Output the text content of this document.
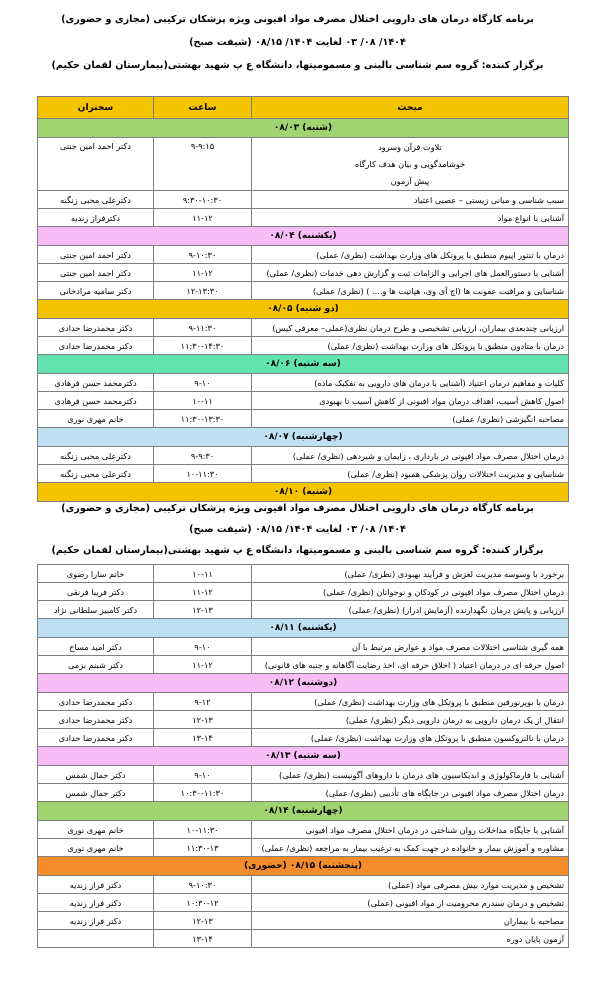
برنامه کارگاه درمان های دارویی اختلال مصرف مواد افیونی ویژه پزشکان ترکیبی (مجازی و حضوری)
۱۴۰۴/ ۰۸/ ۰۳ لغایت ۱۴۰۴/ ۰۸/۱۵ (شیفت صبح)
برگزار کننده: گروه سم شناسی بالینی و مسمومیتها، دانشگاه ع پ شهید بهشتی(بیمارستان لقمان حکیم)
مبحث	ساعت	سخنران
(شنبه) ۰۸/۰۳		

تلاوت قرآن وسرود
خوشامدگویی و بیان هدف کارگاه
پیش آزمون	۹-۹:۱۵	دکتر احمد امین جنتی
سبب شناسی و مبانی زیستی – عصبی اعتیاد	۹:۳۰-۱۰:۳۰	دکترعلی محبی زنگنه
آشنایی با انواع مواد	۱۱-۱۲	دکترفراز زندیه
(یکشنبه) ۰۸/۰۴		
درمان با تنتور اپیوم منطبق با پروتکل های وزارت بهداشت (نظری/ عملی)	۹-۱۰:۳۰	دکتر احمد امین جنتی
آشنایی با دستورالعمل های اجرایی و الزامات ثبت و گزارش دهی خدمات (نظری/ عملی)	۱۱-۱۲	دکتر احمد امین جنتی
شناسایی و مراقبت عفونت ها (اچ آی وی، هپاتیت ها و.... ) (نظری/ عملی)	۱۲-۱۳:۳۰	دکتر سامیه مرادخانی
(دو شنبه) ۰۸/۰۵		
ارزیابی چندبعدی بیماران، ارزیابی تشخیصی و طرح درمان نظری(عملی– معرفی کیس)	۹-۱۱:۳۰	دکتر محمدرضا حدادی
درمان با متادون منطبق با پروتکل های وزارت بهداشت (نظری/ عملی)	۱۱:۳۰-۱۴:۳۰	دکتر محمدرضا حدادی
(سه شنبه) ۰۸/۰۶		
کلیات و مفاهیم درمان اعتیاد (آشنایی با درمان های دارویی به تفکیک ماده)	۹-۱۰	دکترمحمد حسن فرهادی
اصول کاهش آسیب، اهداف درمان مواد افیونی از کاهش آسیب تا بهبودی	۱۰-۱۱	دکترمحمد حسن فرهادی
مصاحبه انگیزشی (نظری/ عملی)	۱۱:۳۰-۱۳:۳۰	خانم مهری نوری
(چهارشنبه) ۰۸/۰۷		
درمان اختلال مصرف مواد افیونی در بارداری ، زایمان و شیردهی (نظری/ عملی)	۹-۹:۳۰	دکترعلی محبی زنگنه
شناسایی و مدیریت اختلالات روان پزشکی همبود (نظری/ عملی)	۱۰-۱۱:۳۰	دکترعلی محبی زنگنه
(شنبه) ۰۸/۱۰		
برنامه کارگاه درمان های دارویی اختلال مصرف مواد افیونی ویژه پزشکان ترکیبی (مجازی و حضوری)
۱۴۰۴/ ۰۸/ ۰۳ لغایت ۱۴۰۴/ ۰۸/۱۵ (شیفت صبح)
برگزار کننده: گروه سم شناسی بالینی و مسمومیتها، دانشگاه ع پ شهید بهشتی(بیمارستان لقمان حکیم)
برخورد با وسوسه مدیریت لغزش و فرآیند بهبودی (نظری/ عملی)	۱۰-۱۱	خانم سارا رضوی
درمان اختلال مصرف مواد افیونی در کودکان و نوجوانان (نظری/ عملی)	۱۱-۱۲	دکتر فریبا فرنقی
ارزیابی و پایش درمان نگهدارنده (آزمایش ادرار) (نظری/ عملی)	۱۲-۱۳	دکتر کامبیز سلطانی نژاد
(یکشنبه) ۰۸/۱۱		
همه گیری شناسی اختلالات مصرف مواد و عوارض مرتبط با آن	۹-۱۰	دکتر امید مساح
اصول حرفه ای در درمان اعتیاد ( اخلاق حرفه ای، اخذ رضایت آگاهانه و جنبه های قانونی)	۱۱-۱۲	دکتر شبنم بزمی
(دوشنبه) ۰۸/۱۲		
درمان با بوپرنورفین منطبق با پروتکل های وزارت بهداشت (نظری/ عملی)	۹-۱۲	دکتر محمدرضا حدادی
انتقال از یک درمان دارویی به درمان دارویی دیگر (نظری/ عملی)	۱۲-۱۳	دکتر محمدرضا حدادی
درمان با نالتروکسون منطبق با پروتکل های وزارت بهداشت (نظری/ عملی)	۱۳-۱۴	دکتر محمدرضا حدادی
(سه شنبه) ۰۸/۱۳		
آشنایی با فارماکولوژی و اندیکاسیون های درمان با داروهای آگونیست (نظری/ عملی)	۹-۱۰	دکتر جمال شمس
درمان اختلال مصرف مواد افیونی در جایگاه های تأدیبی (نظری/ عملی)	۱۰:۳۰-۱۱:۳۰	دکتر جمال شمس
(چهارشنبه) ۰۸/۱۴		
آشنایی با جایگاه مداخلات روان شناختی در درمان اختلال مصرف مواد افیونی	۱۰-۱۱:۳۰	خانم مهری نوری
مشاوره و آموزش بیمار و خانواده در جهت کمک به ترغیب بیمار به مراجعه (نظری/ عملی)	۱۱:۳۰-۱۳	خانم مهری نوری
(پنجشنبه) ۰۸/۱۵ (حضوری)		
تشخیص و مدیریت موارد بیش مصرفی مواد (عملی)	۹-۱۰:۳۰	دکتر فراز زندیه
تشخیص و درمان سندرم محرومیت از مواد افیونی (عملی)	۱۰:۳۰-۱۲	دکتر فراز زندیه
مصاحبه با بیماران	۱۲-۱۳	دکتر فراز زندیه
آزمون پایان دوره	۱۳-۱۴	
